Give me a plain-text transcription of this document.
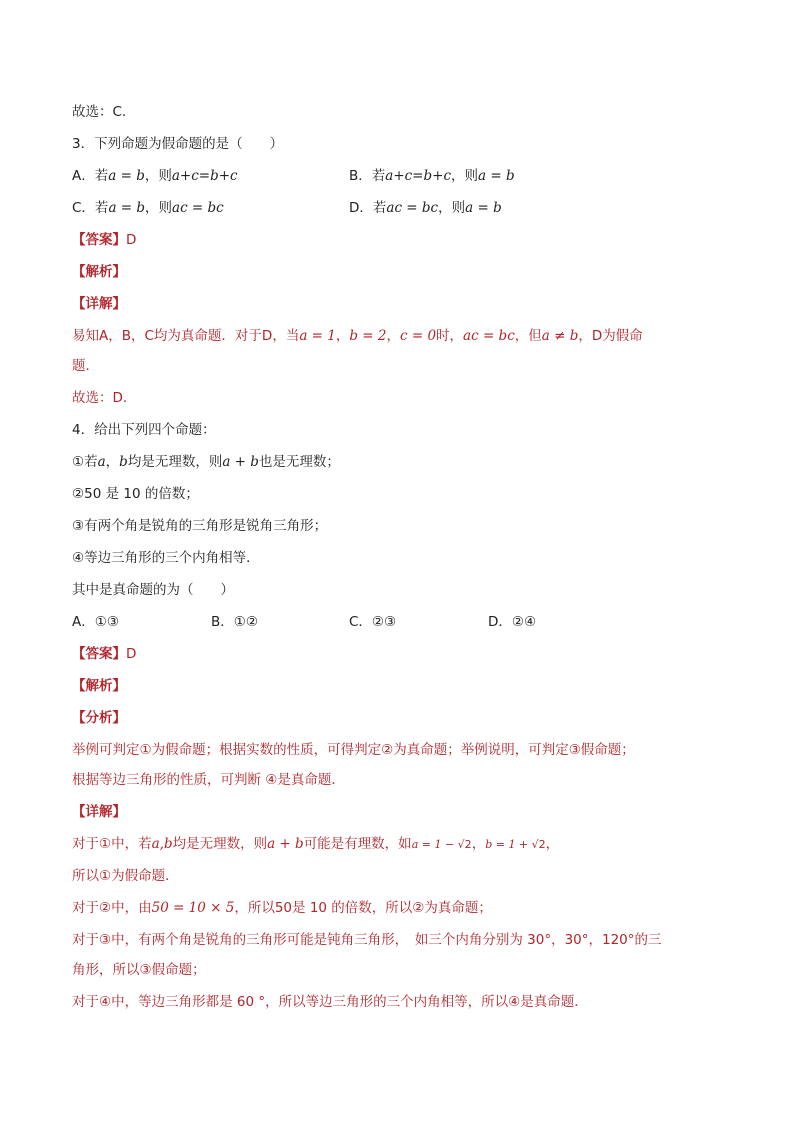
故选：C.
3．下列命题为假命题的是（　　）
A．若a = b，则a+c=b+c	B．若a+c=b+c，则a = b
C．若a = b，则ac = bc	D．若ac = bc，则a = b
【答案】D
【解析】
【详解】
易知A，B，C均为真命题．对于D，当a = 1，b = 2，c = 0时，ac = bc，但a ≠ b，D为假命
题．
故选：D．
4．给出下列四个命题：
①若a，b均是无理数，则a + b也是无理数；
②50 是 10 的倍数；
③有两个角是锐角的三角形是锐角三角形；
④等边三角形的三个内角相等．
其中是真命题的为（　　）
A．①③	B．①②	C．②③	D．②④
【答案】D
【解析】
【分析】
举例可判定①为假命题；根据实数的性质，可得判定②为真命题；举例说明，可判定③假命题；
根据等边三角形的性质，可判断 ④是真命题．
【详解】
对于①中，若a,b均是无理数，则a + b可能是有理数，如a = 1 − √2，b = 1 + √2，
所以①为假命题．
对于②中，由50 = 10 × 5，所以50是 10 的倍数，所以②为真命题；
对于③中，有两个角是锐角的三角形可能是钝角三角形，　如三个内角分别为 30°，30°，120°的三
角形，所以③假命题；
对于④中，等边三角形都是 60 °，所以等边三角形的三个内角相等，所以④是真命题．
